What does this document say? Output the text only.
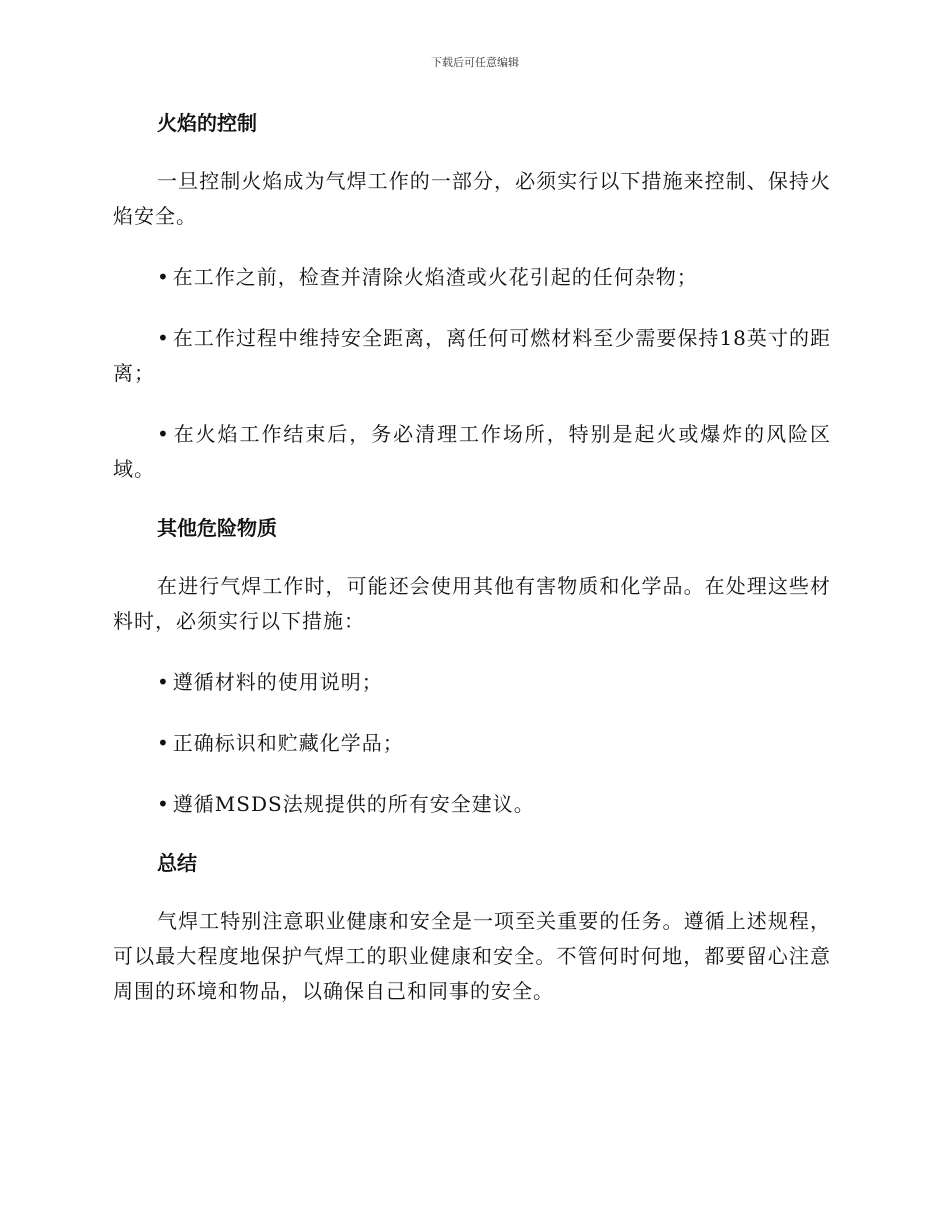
下载后可任意编辑
火焰的控制

一旦控制火焰成为气焊工作的一部分，必须实行以下措施来控制、保持火焰安全。

• 在工作之前，检查并清除火焰渣或火花引起的任何杂物；

• 在工作过程中维持安全距离，离任何可燃材料至少需要保持18英寸的距离；

• 在火焰工作结束后，务必清理工作场所，特别是起火或爆炸的风险区域。

其他危险物质

在进行气焊工作时，可能还会使用其他有害物质和化学品。在处理这些材料时，必须实行以下措施：

• 遵循材料的使用说明；

• 正确标识和贮藏化学品；

• 遵循MSDS法规提供的所有安全建议。

总结

气焊工特别注意职业健康和安全是一项至关重要的任务。遵循上述规程，可以最大程度地保护气焊工的职业健康和安全。不管何时何地，都要留心注意周围的环境和物品，以确保自己和同事的安全。
